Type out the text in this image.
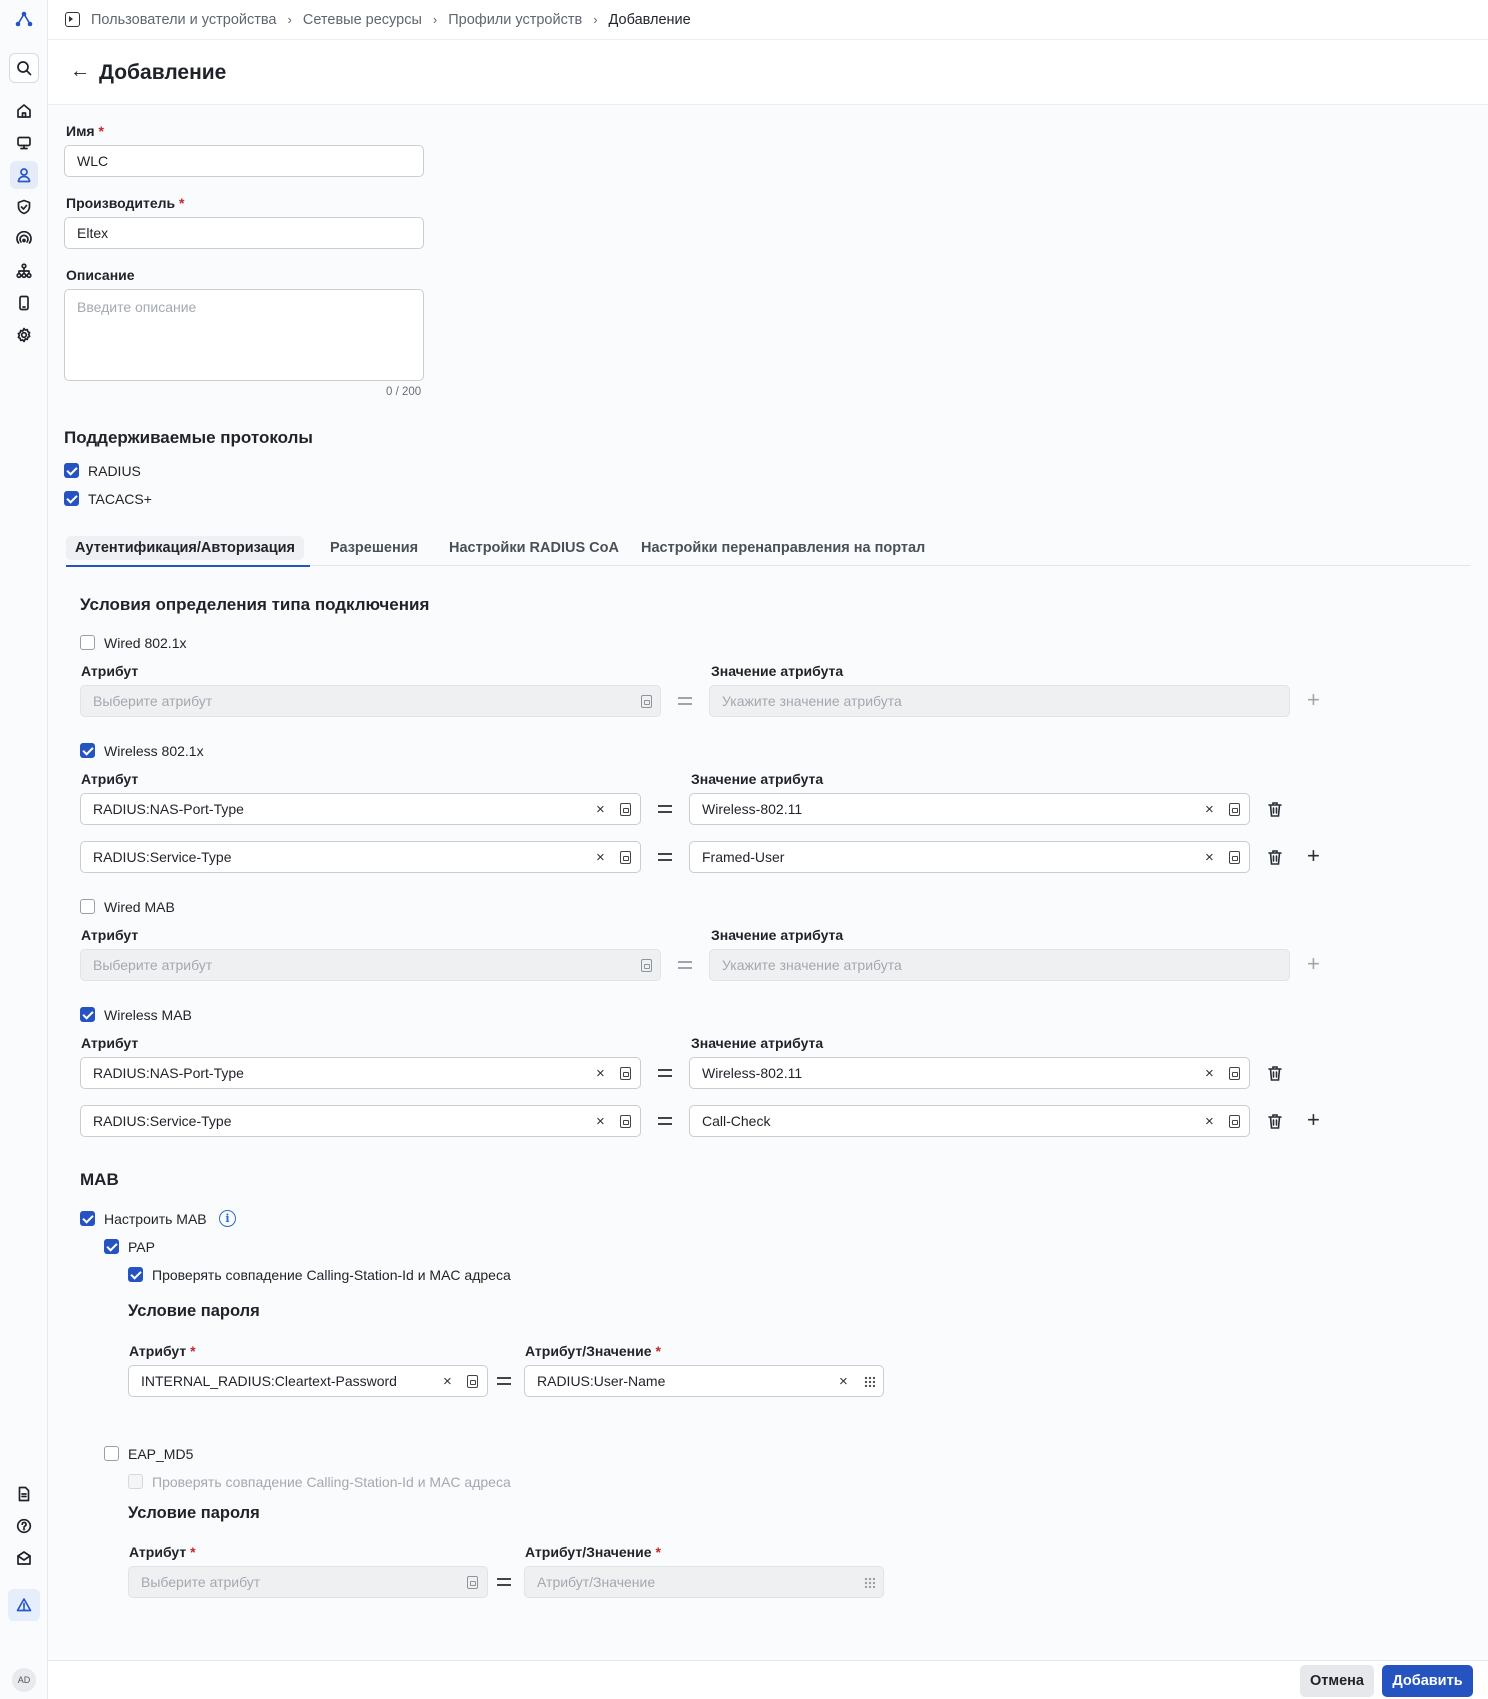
AD
Пользователи и устройства › Сетевые ресурсы › Профили устройств › Добавление
← Добавление
Имя *
WLC
Производитель *
Eltex
Описание
Введите описание
0 / 200
Поддерживаемые протоколы
RADIUS
TACACS+
Условия определения типа подключения
Wired 802.1x
Атрибут	Значение атрибута
Выберите атрибут	Укажите значение атрибута	+
Wireless 802.1x
Атрибут	Значение атрибута
RADIUS:NAS-Port-Type	×	Wireless-802.11	×
RADIUS:Service-Type	×	Framed-User	×	+
Wired MAB
Атрибут	Значение атрибута
Выберите атрибут	Укажите значение атрибута	+
Wireless MAB
Атрибут	Значение атрибута
RADIUS:NAS-Port-Type	×	Wireless-802.11	×
RADIUS:Service-Type	×	Call-Check	×	+
MAB
Настроить MAB	i
PAP
Проверять совпадение Calling-Station-Id и MAC адреса
Условие пароля
Атрибут *	Атрибут/Значение *
INTERNAL_RADIUS:Cleartext-Password	×	RADIUS:User-Name	×
EAP_MD5
Проверять совпадение Calling-Station-Id и MAC адреса
Условие пароля
Атрибут *	Атрибут/Значение *
Выберите атрибут	Атрибут/Значение
Аутентификация/Авторизация	Разрешения Настройки RADIUS CoA Настройки перенаправления на портал
Отмена	Добавить
